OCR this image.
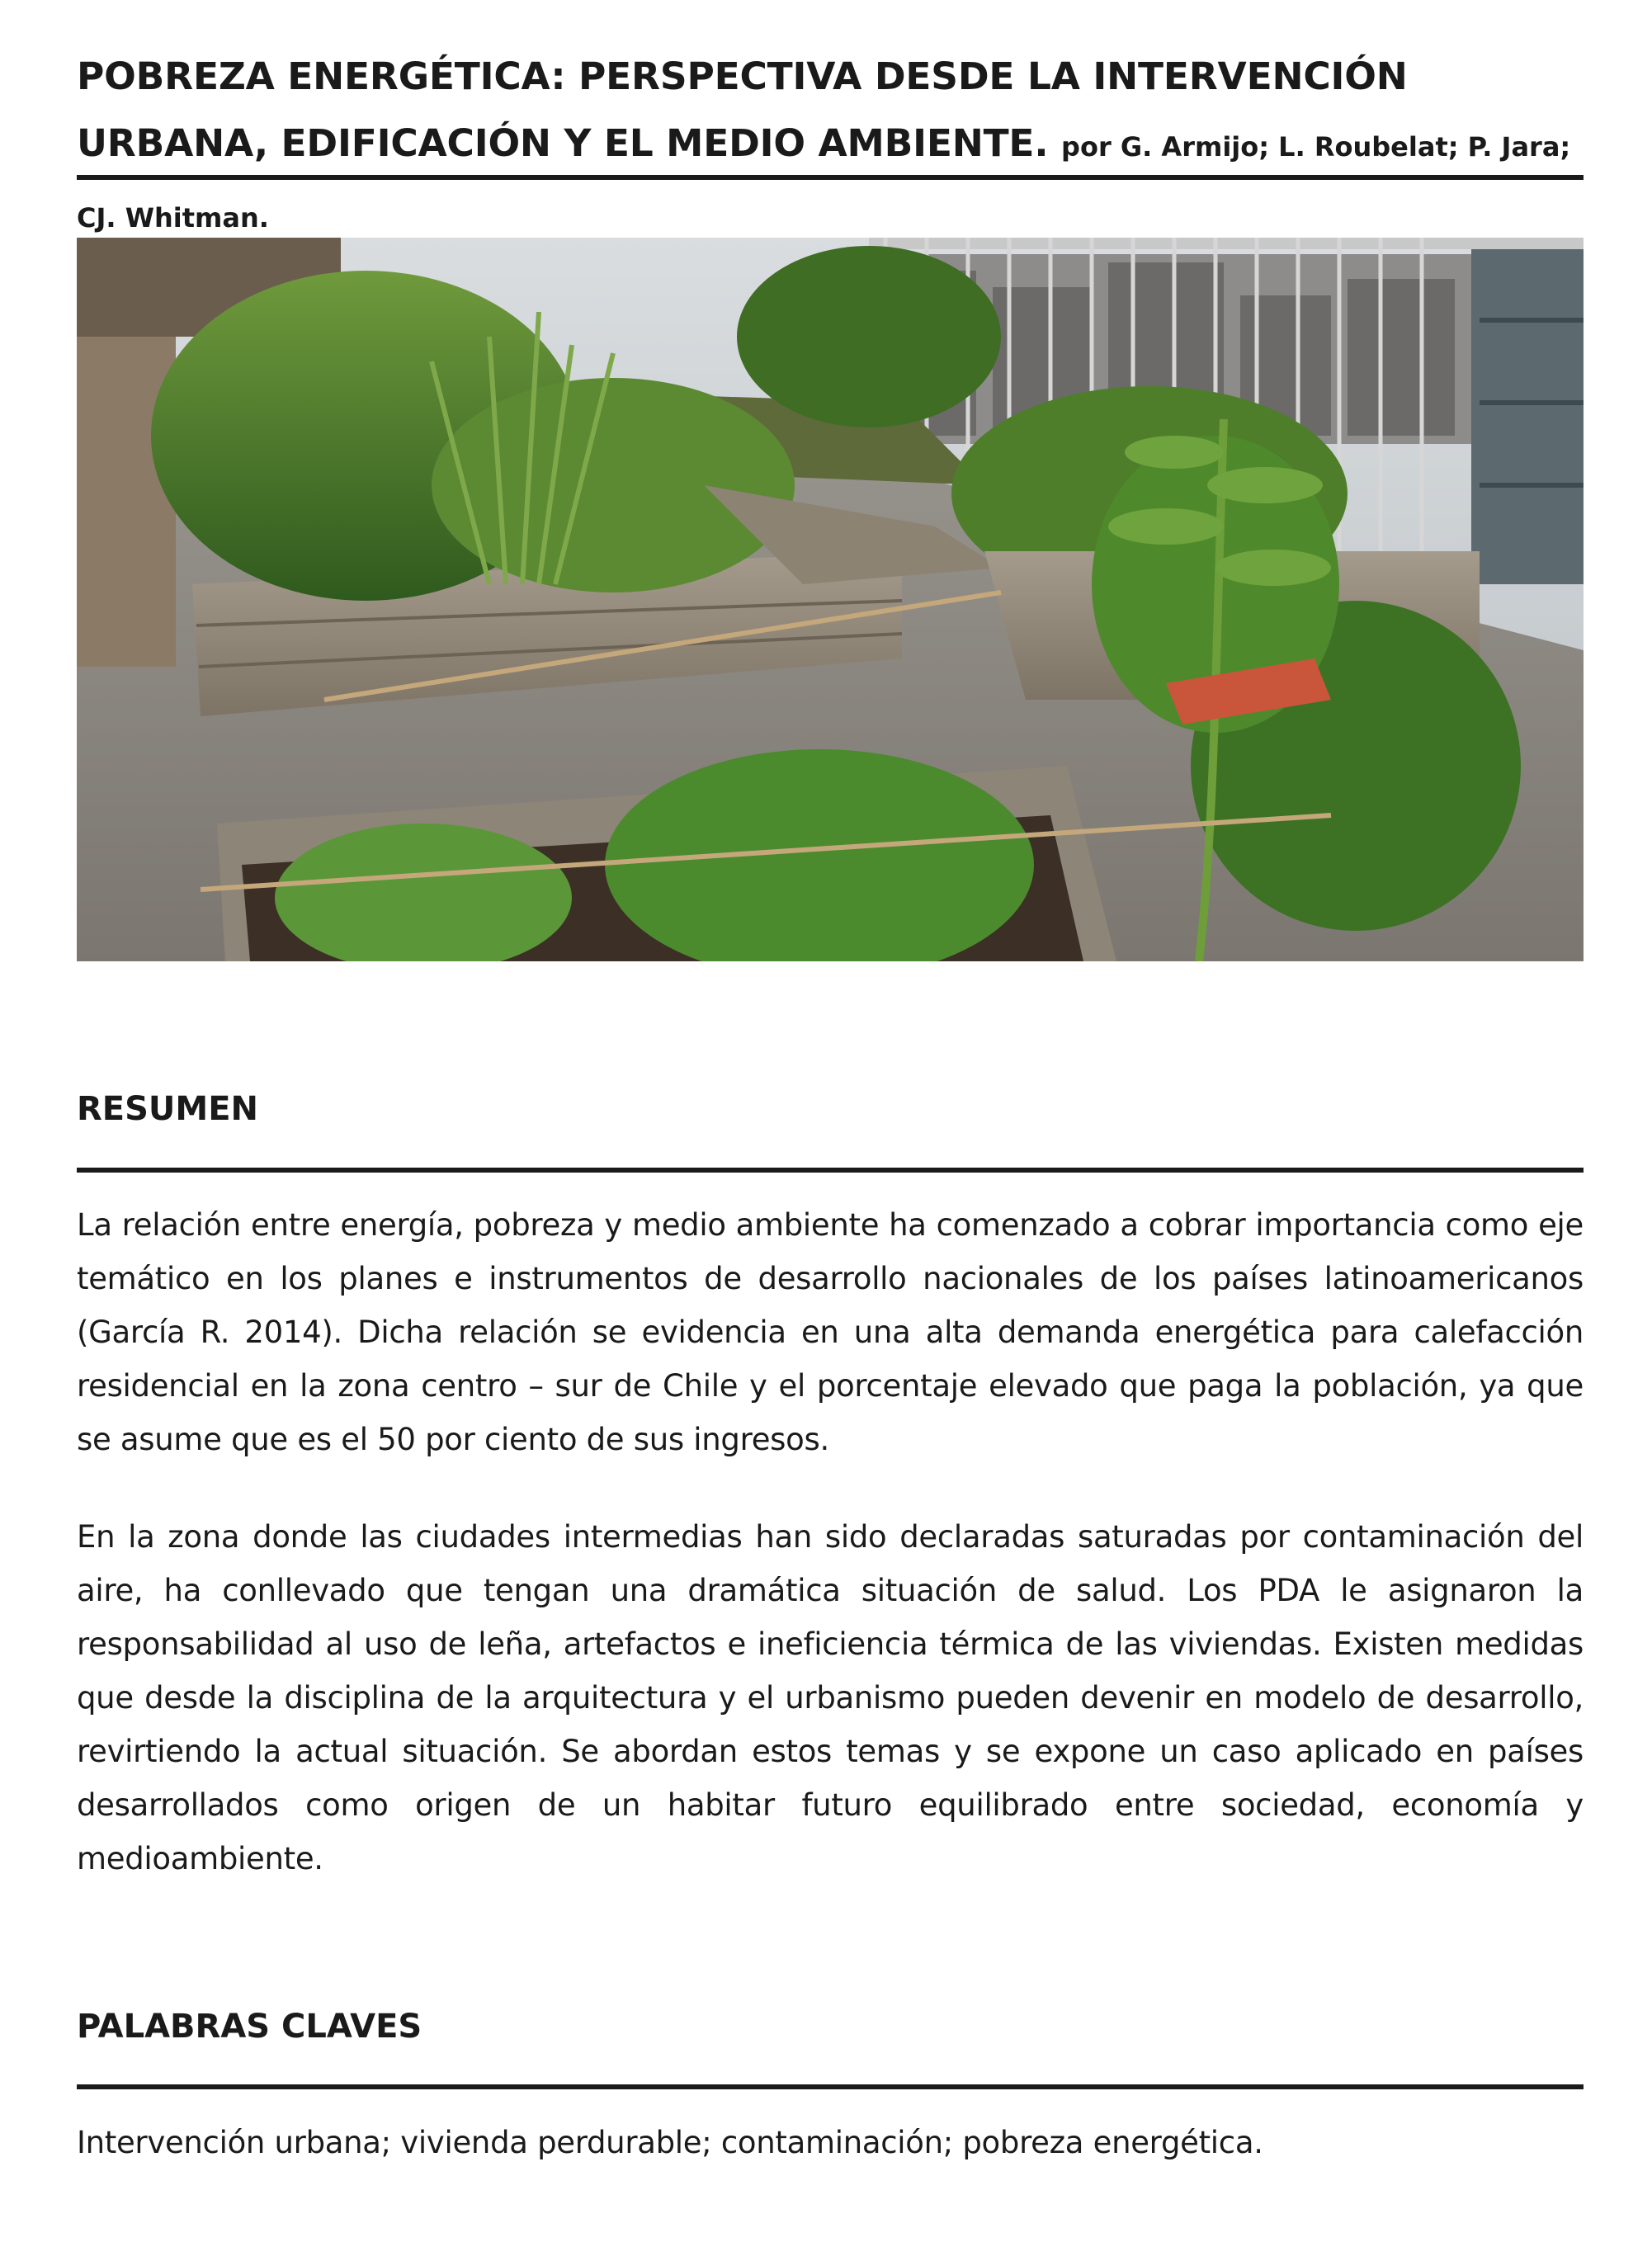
POBREZA ENERGÉTICA: PERSPECTIVA DESDE LA INTERVENCIÓN URBANA, EDIFICACIÓN Y EL MEDIO AMBIENTE. por G. Armijo; L. Roubelat; P. Jara; CJ. Whitman.
RESUMEN

La relación entre energía, pobreza y medio ambiente ha comenzado a cobrar importancia como eje temático en los planes e instrumentos de desarrollo nacionales de los países latinoamericanos (García R. 2014). Dicha relación se evidencia en una alta demanda energética para calefacción residencial en la zona centro – sur de Chile y el porcentaje elevado que paga la población, ya que se asume que es el 50 por ciento de sus ingresos.

En la zona donde las ciudades intermedias han sido declaradas saturadas por contaminación del aire, ha conllevado que tengan una dramática situación de salud. Los PDA le asignaron la responsabilidad al uso de leña, artefactos e ineficiencia térmica de las viviendas. Existen medidas que desde la disciplina de la arquitectura y el urbanismo pueden devenir en modelo de desarrollo, revirtiendo la actual situación. Se abordan estos temas y se expone un caso aplicado en países desarrollados como origen de un habitar futuro equilibrado entre sociedad, economía y medioambiente.

PALABRAS CLAVES

Intervención urbana; vivienda perdurable; contaminación; pobreza energética.
